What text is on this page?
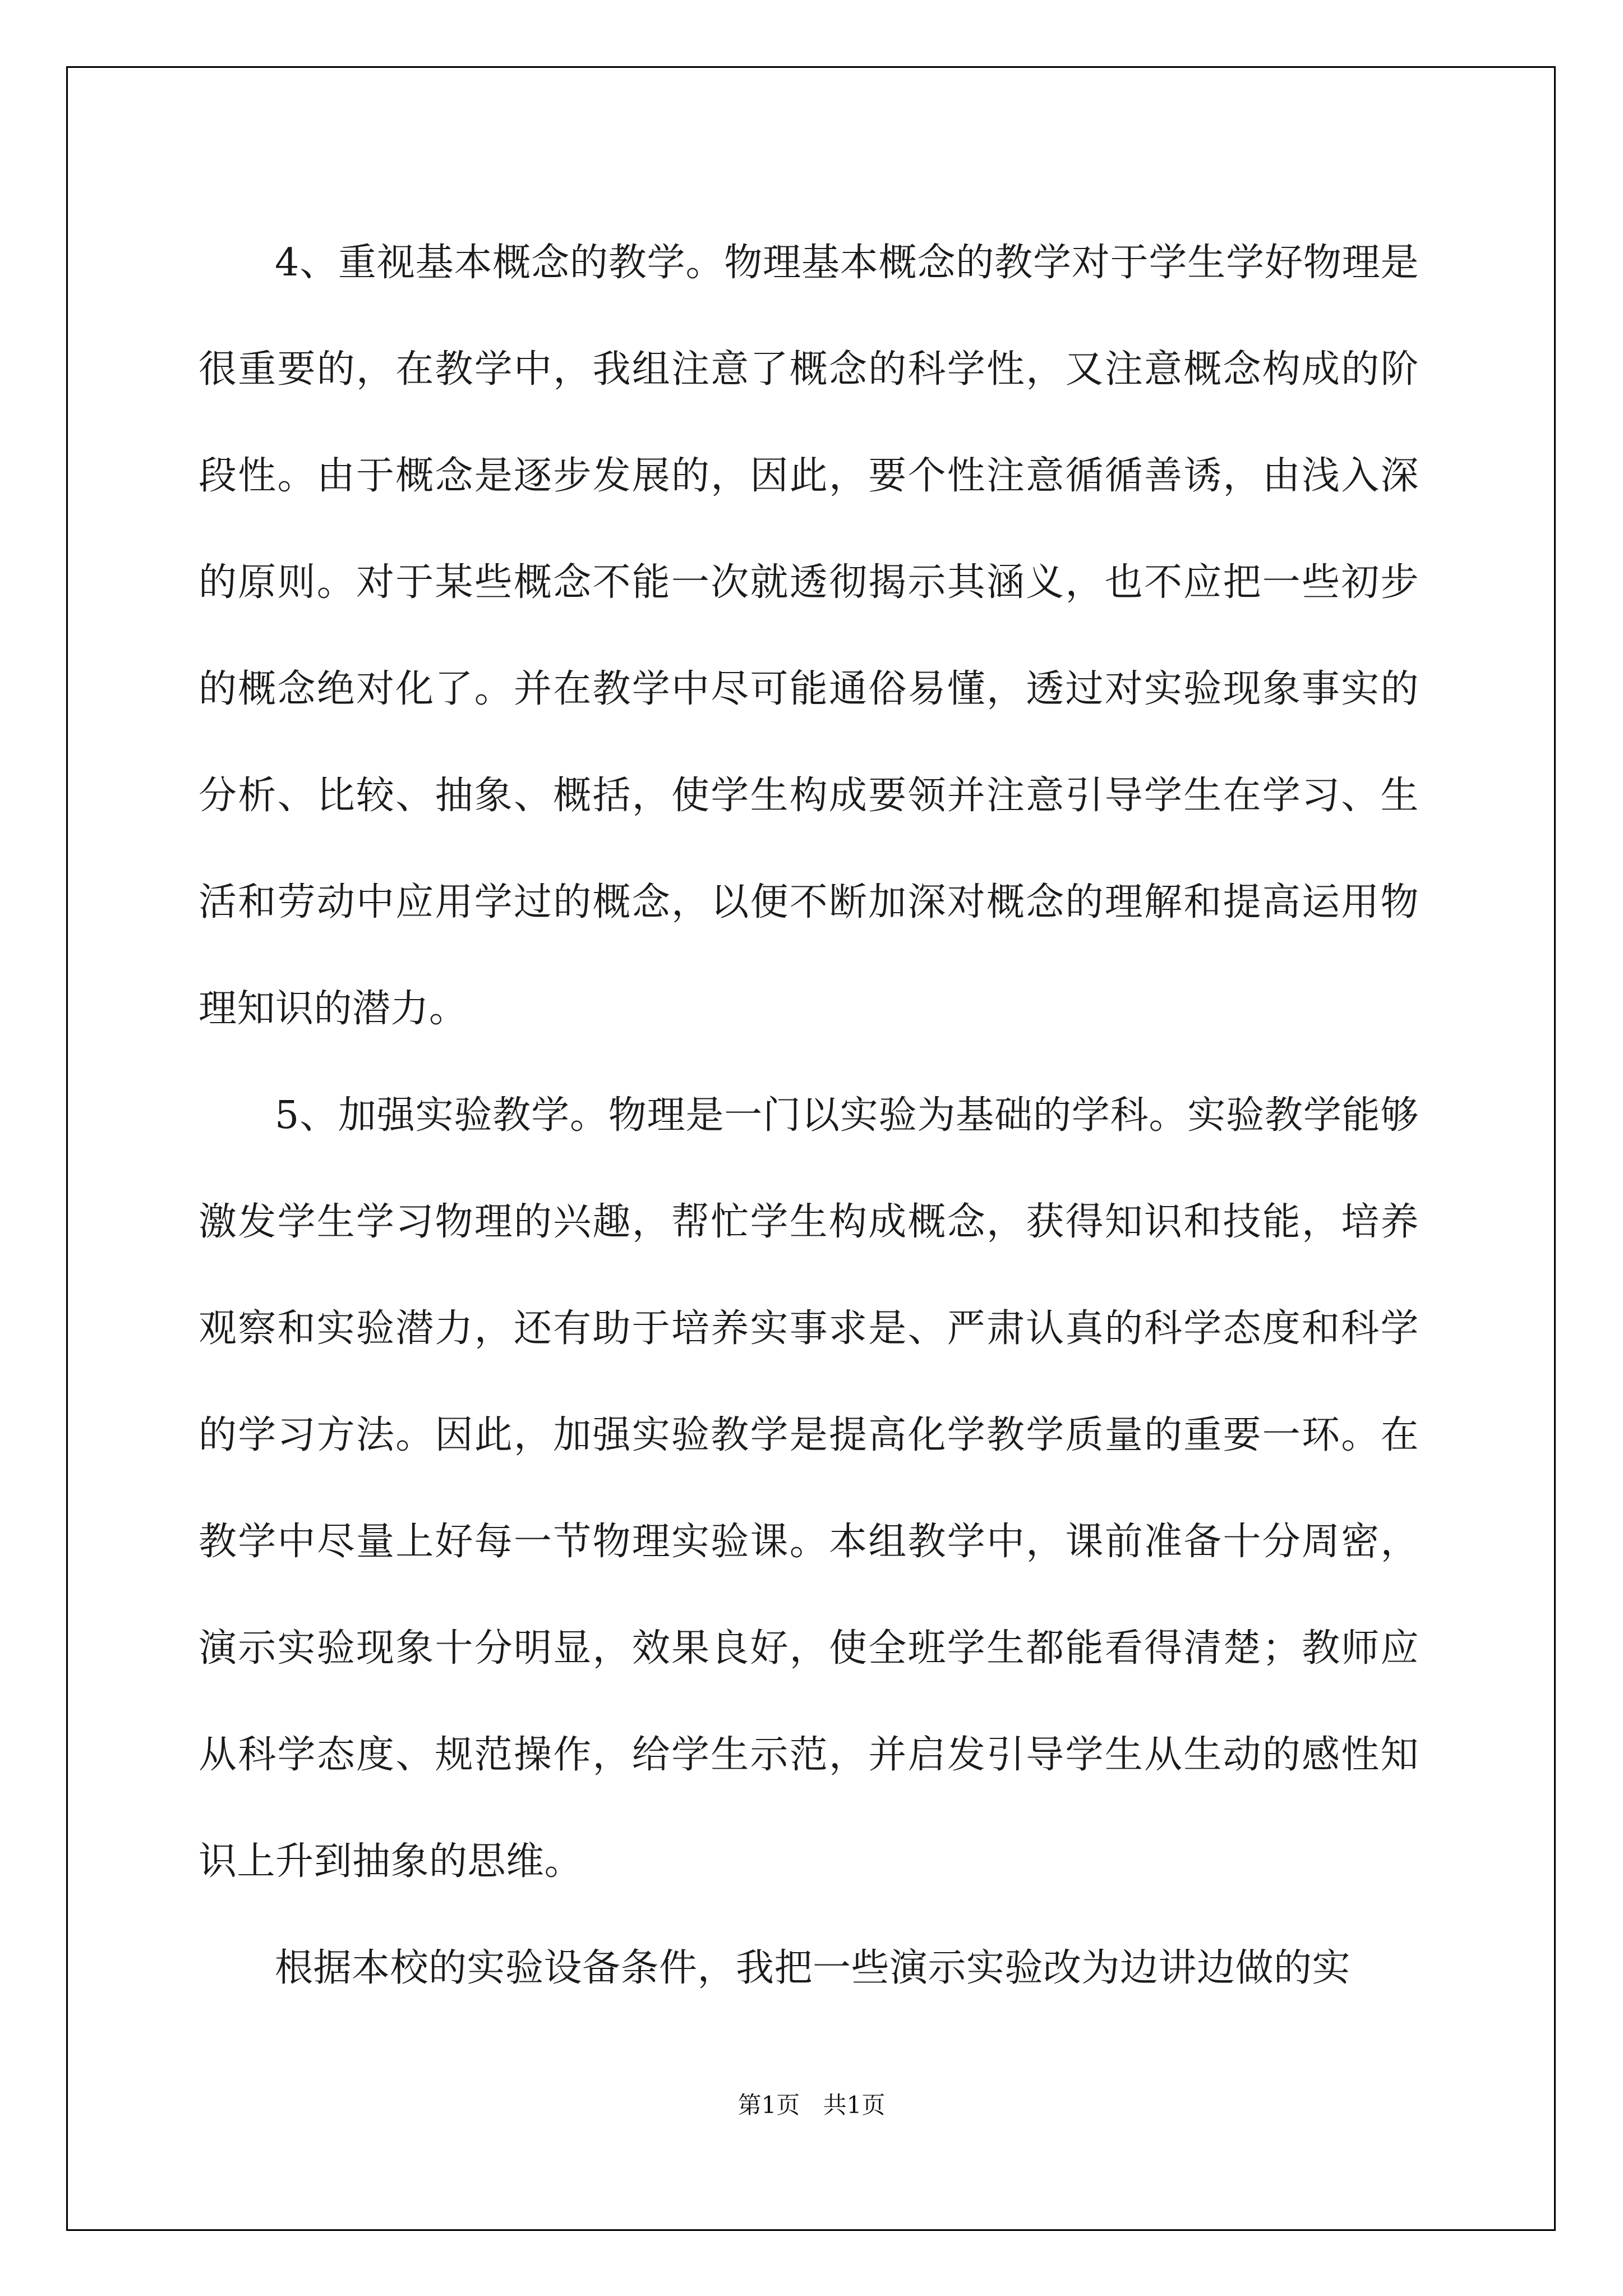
4、重视基本概念的教学。物理基本概念的教学对于学生学好物理是很重要的，在教学中，我组注意了概念的科学性，又注意概念构成的阶段性。由于概念是逐步发展的，因此，要个性注意循循善诱，由浅入深的原则。对于某些概念不能一次就透彻揭示其涵义，也不应把一些初步的概念绝对化了。并在教学中尽可能通俗易懂，透过对实验现象事实的分析、比较、抽象、概括，使学生构成要领并注意引导学生在学习、生活和劳动中应用学过的概念，以便不断加深对概念的理解和提高运用物理知识的潜力。

5、加强实验教学。物理是一门以实验为基础的学科。实验教学能够激发学生学习物理的兴趣，帮忙学生构成概念，获得知识和技能，培养观察和实验潜力，还有助于培养实事求是、严肃认真的科学态度和科学的学习方法。因此，加强实验教学是提高化学教学质量的重要一环。在教学中尽量上好每一节物理实验课。本组教学中，课前准备十分周密，演示实验现象十分明显，效果良好，使全班学生都能看得清楚；教师应从科学态度、规范操作，给学生示范，并启发引导学生从生动的感性知识上升到抽象的思维。

根据本校的实验设备条件，我把一些演示实验改为边讲边做的实

第1页 共1页
